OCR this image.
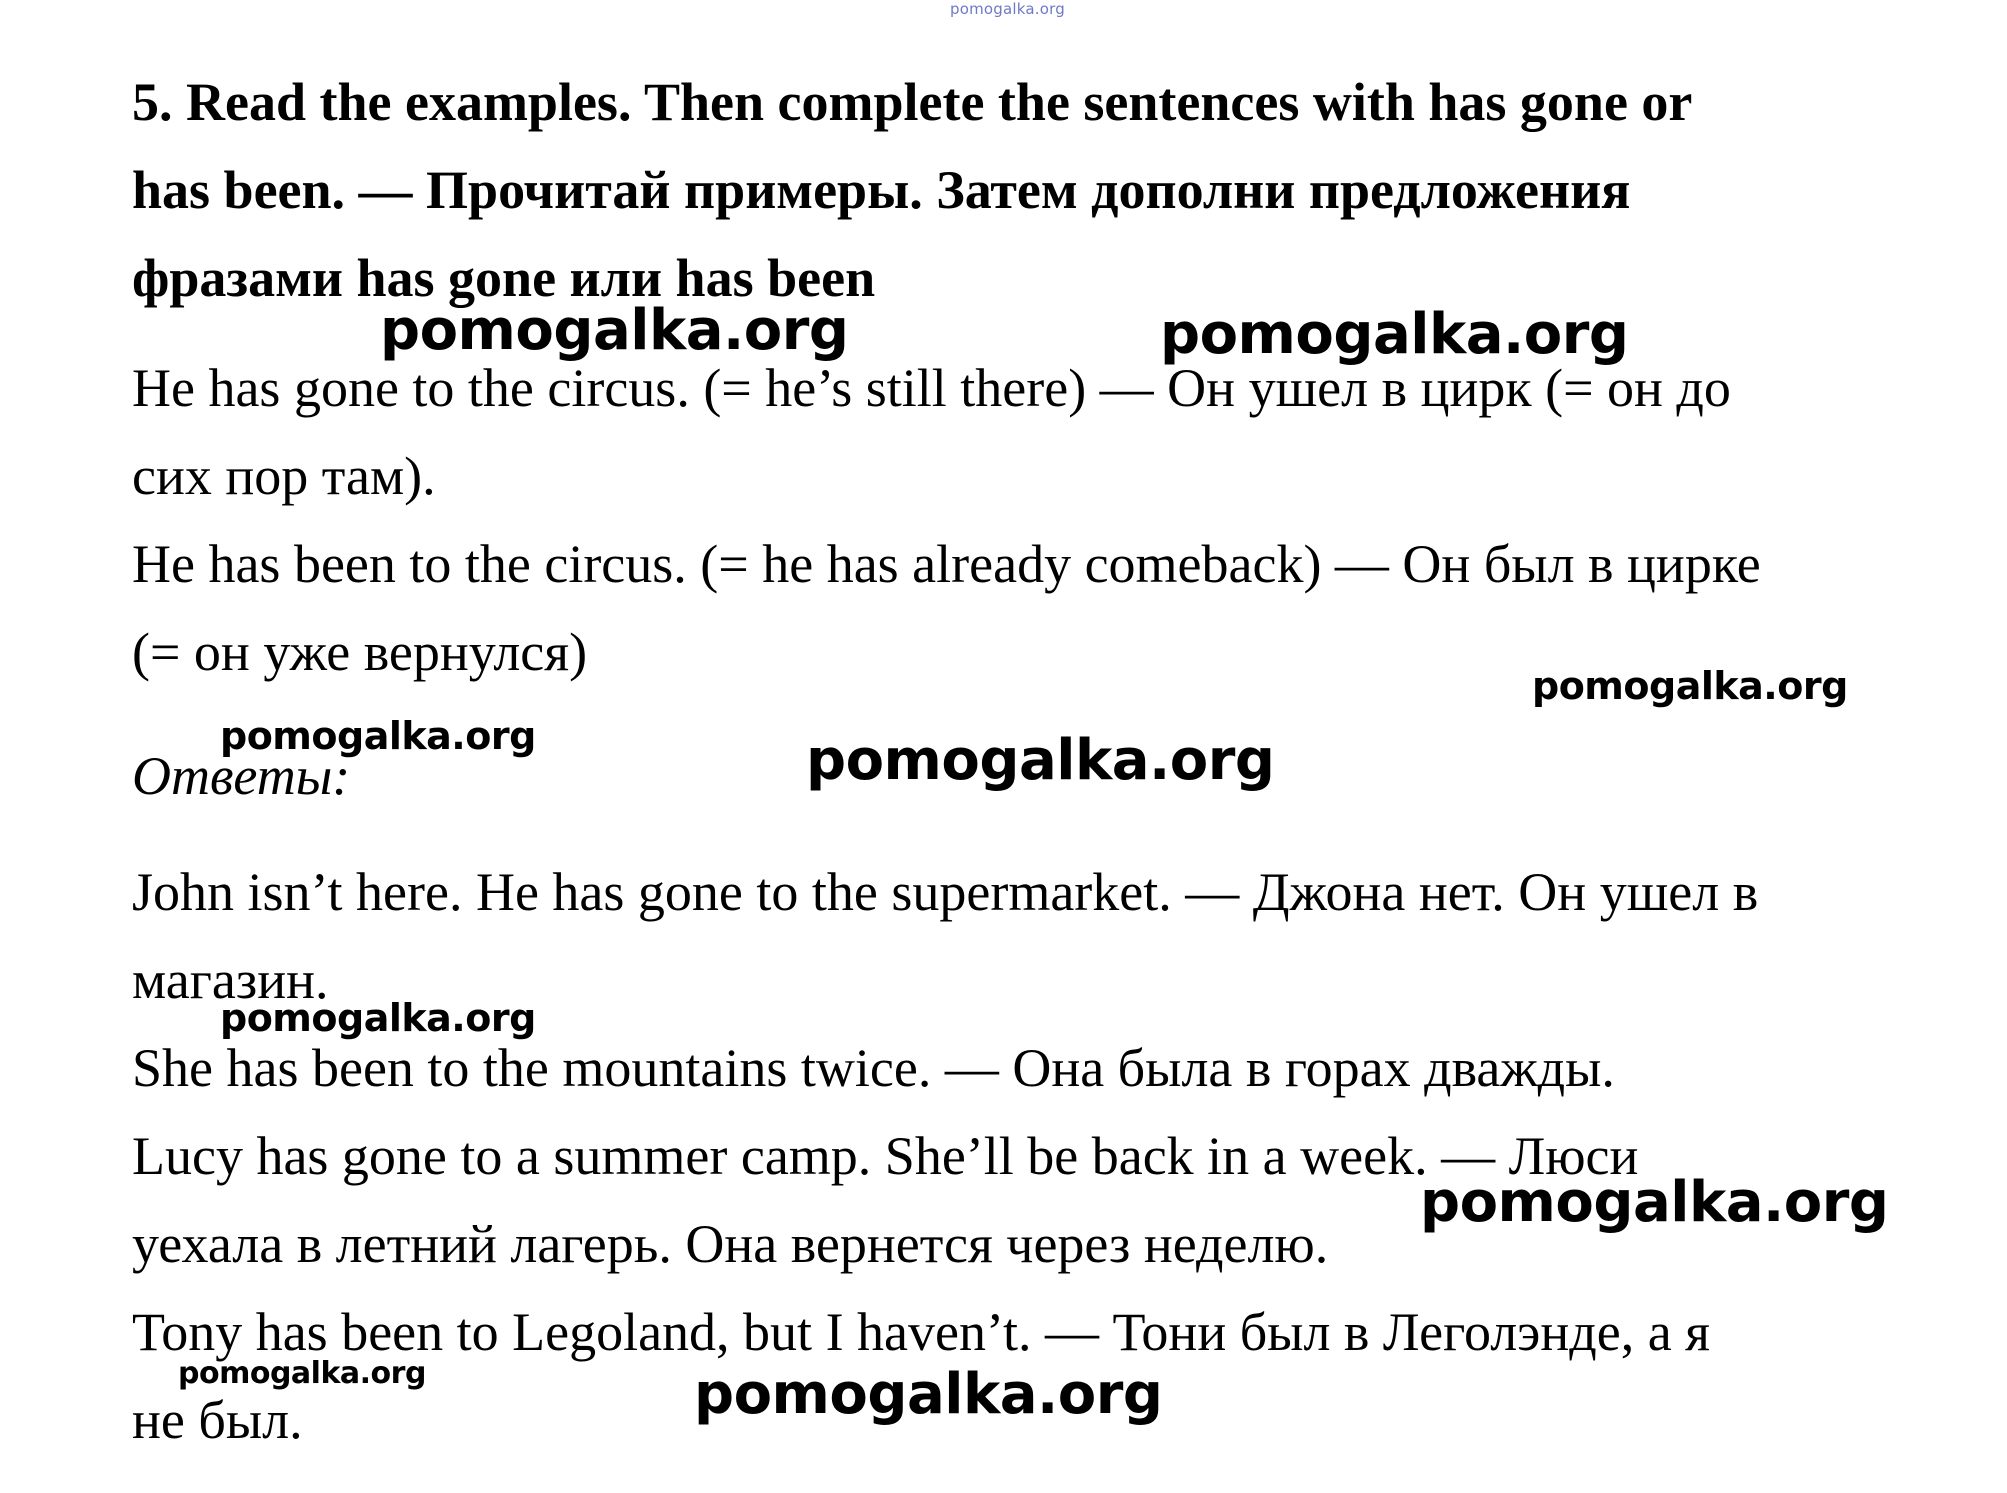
pomogalka.org
5. Read the examples. Then complete the sentences with has gone or
has been. — Прочитай примеры. Затем дополни предложения
фразами has gone или has been
He has gone to the circus. (= he’s still there) — Он ушел в цирк (= он до
сих пор там).
He has been to the circus. (= he has already comeback) — Он был в цирке
(= он уже вернулся)
Ответы:
John isn’t here. He has gone to the supermarket. — Джона нет. Он ушел в
магазин.
She has been to the mountains twice. — Она была в горах дважды.
Lucy has gone to a summer camp. She’ll be back in a week. — Люси
уехала в летний лагерь. Она вернется через неделю.
Tony has been to Legoland, but I haven’t. — Тони был в Леголэнде, а я
не был.
pomogalka.org	pomogalka.org
pomogalka.org
pomogalka.org	pomogalka.org
pomogalka.org
pomogalka.org
pomogalka.org	pomogalka.org
